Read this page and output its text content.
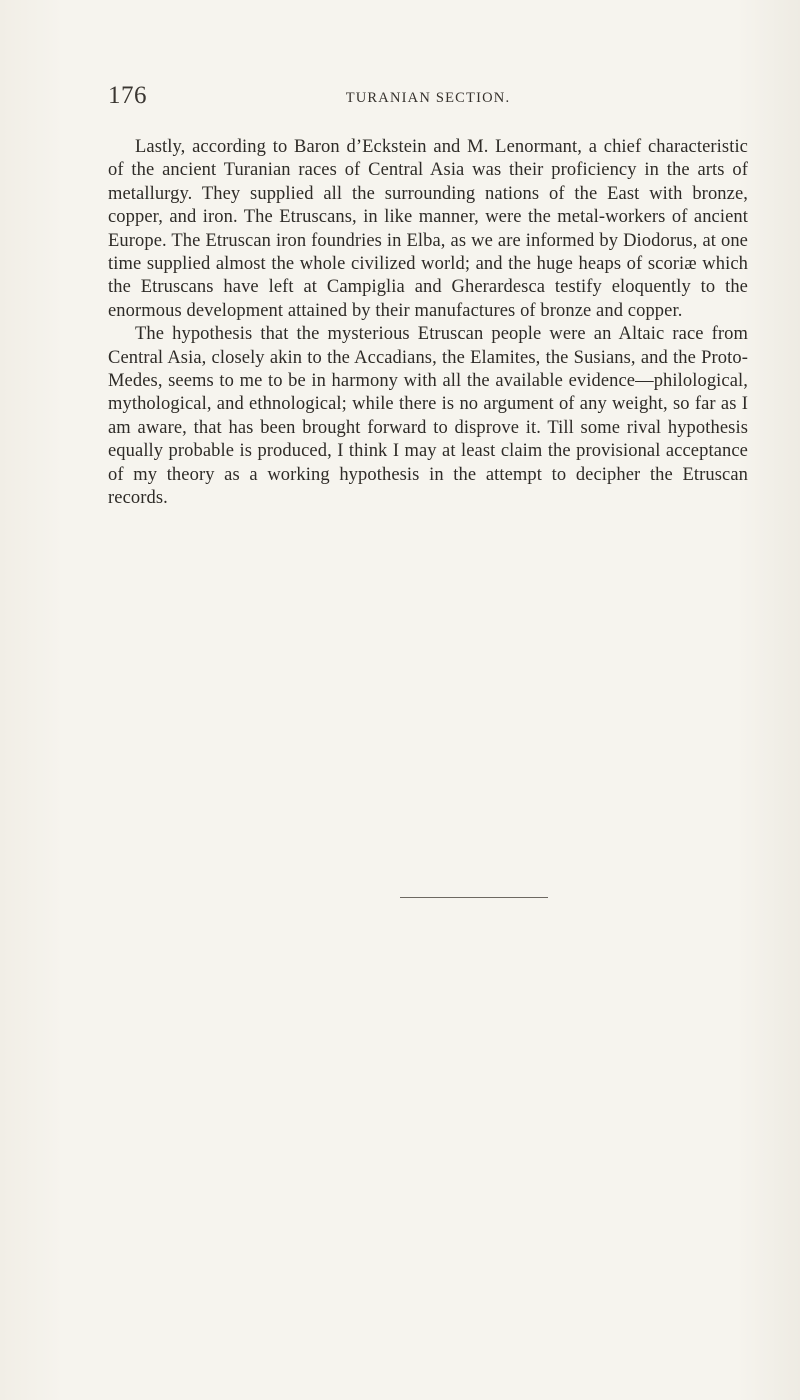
176	TURANIAN SECTION.

Lastly, according to Baron d’Eckstein and M. Lenormant, a chief characteristic of the ancient Turanian races of Central Asia was their proficiency in the arts of metallurgy. They supplied all the surrounding nations of the East with bronze, copper, and iron. The Etruscans, in like manner, were the metal-workers of ancient Europe. The Etruscan iron foundries in Elba, as we are informed by Diodorus, at one time supplied almost the whole civilized world; and the huge heaps of scoriæ which the Etruscans have left at Campiglia and Gherardesca testify eloquently to the enormous development attained by their manufactures of bronze and copper.

The hypothesis that the mysterious Etruscan people were an Altaic race from Central Asia, closely akin to the Accadians, the Elamites, the Susians, and the Proto-Medes, seems to me to be in harmony with all the available evidence—philological, mythological, and ethnological; while there is no argument of any weight, so far as I am aware, that has been brought forward to disprove it. Till some rival hypothesis equally probable is produced, I think I may at least claim the provisional acceptance of my theory as a working hypothesis in the attempt to decipher the Etruscan records.
